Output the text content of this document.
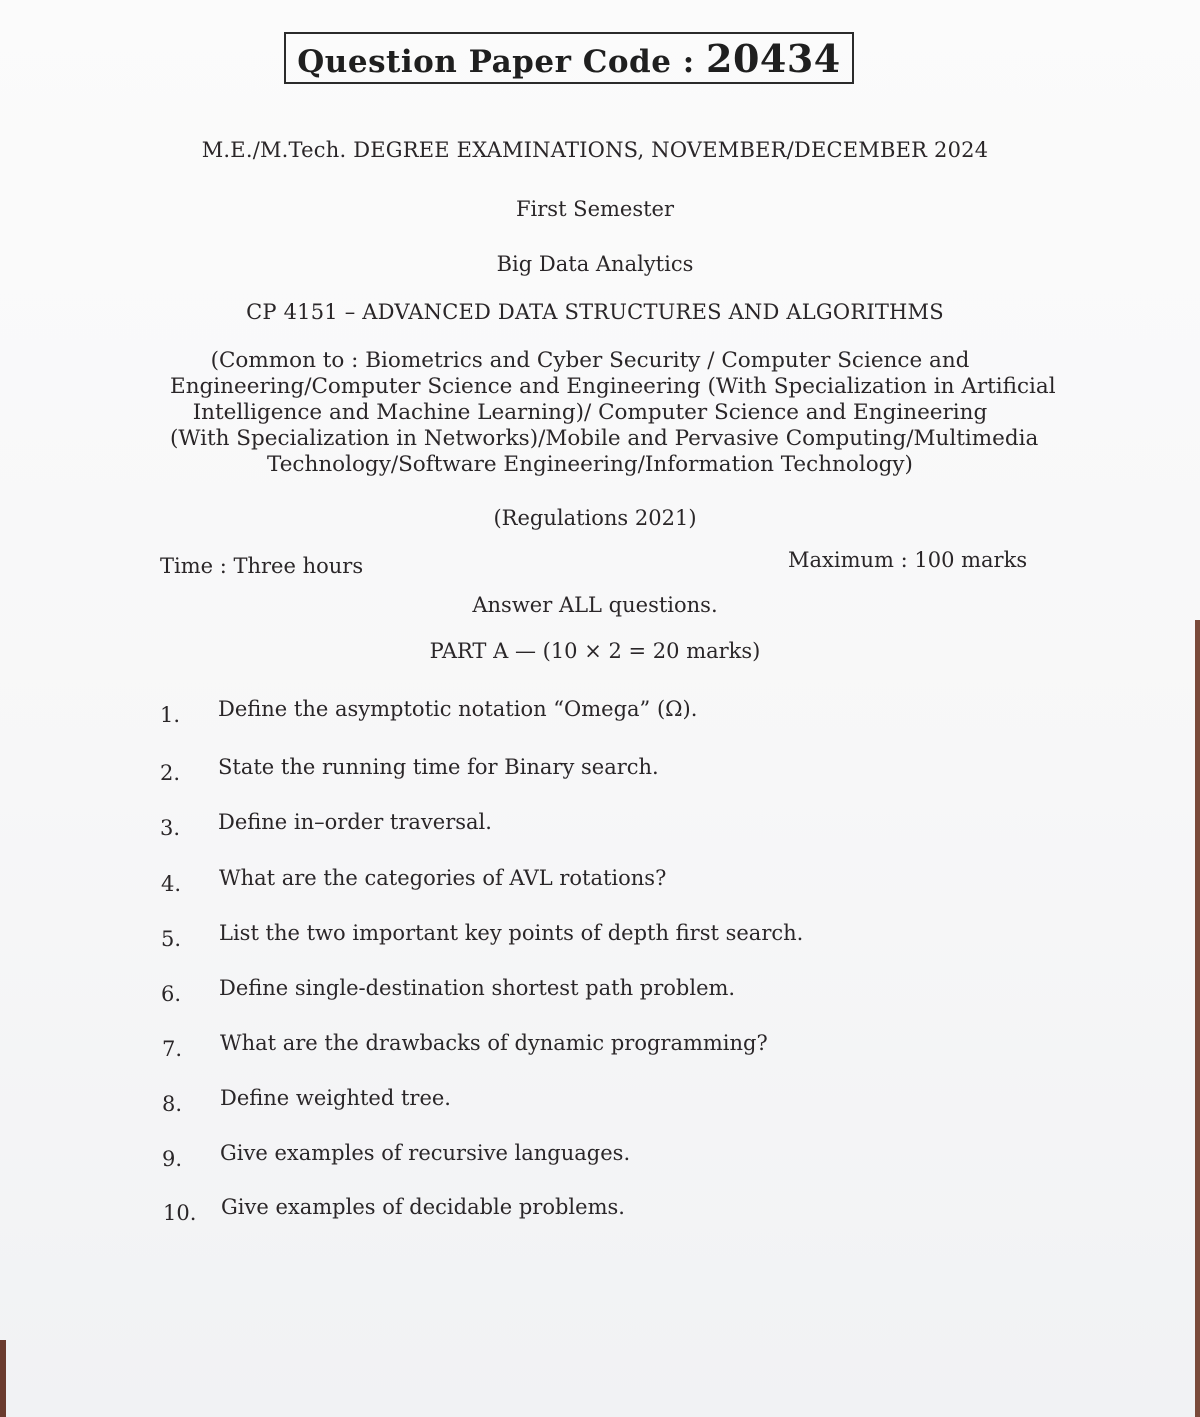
Question Paper Code : 20434
M.E./M.Tech. DEGREE EXAMINATIONS, NOVEMBER/DECEMBER 2024
First Semester
Big Data Analytics
CP 4151 – ADVANCED DATA STRUCTURES AND ALGORITHMS
(Common to : Biometrics and Cyber Security / Computer Science and
Engineering/Computer Science and Engineering (With Specialization in Artificial
Intelligence and Machine Learning)/ Computer Science and Engineering
(With Specialization in Networks)/Mobile and Pervasive Computing/Multimedia
Technology/Software Engineering/Information Technology)
(Regulations 2021)
Time : Three hours	Maximum : 100 marks
Answer ALL questions.
PART A — (10 × 2 = 20 marks)
1.	Define the asymptotic notation “Omega” (Ω).
2.	State the running time for Binary search.
3.	Define in–order traversal.
4.	What are the categories of AVL rotations?
5.	List the two important key points of depth first search.
6.	Define single-destination shortest path problem.
7.	What are the drawbacks of dynamic programming?
8.	Define weighted tree.
9.	Give examples of recursive languages.
10.	Give examples of decidable problems.
